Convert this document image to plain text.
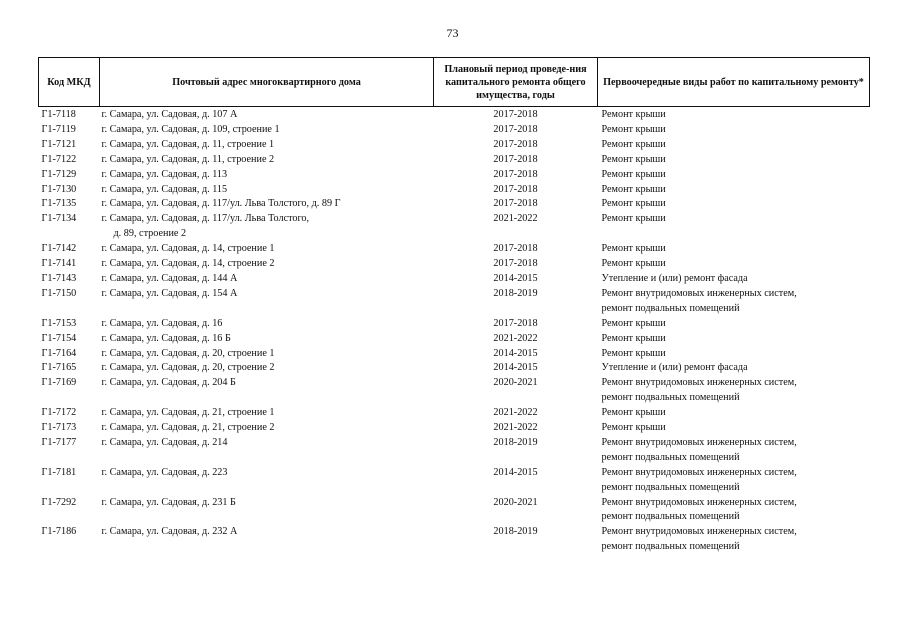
73
Код МКД	Почтовый адрес многоквартирного дома	Плановый период проведе-ния капитального ремонта общего имущества, годы	Первоочередные виды работ по капитальному ремонту*
Г1-7118	г. Самара, ул. Садовая, д. 107 А	2017-2018	Ремонт крыши

Г1-7119	г. Самара, ул. Садовая, д. 109, строение 1	2017-2018	Ремонт крыши

Г1-7121	г. Самара, ул. Садовая, д. 11, строение 1	2017-2018	Ремонт крыши

Г1-7122	г. Самара, ул. Садовая, д. 11, строение 2	2017-2018	Ремонт крыши

Г1-7129	г. Самара, ул. Садовая, д. 113	2017-2018	Ремонт крыши

Г1-7130	г. Самара, ул. Садовая, д. 115	2017-2018	Ремонт крыши

Г1-7135	г. Самара, ул. Садовая, д. 117/ул. Льва Толстого, д. 89 Г	2017-2018	Ремонт крыши

Г1-7134	г. Самара, ул. Садовая, д. 117/ул. Льва Толстого,
д. 89, строение 2	2021-2022	Ремонт крыши

Г1-7142	г. Самара, ул. Садовая, д. 14, строение 1	2017-2018	Ремонт крыши

Г1-7141	г. Самара, ул. Садовая, д. 14, строение 2	2017-2018	Ремонт крыши

Г1-7143	г. Самара, ул. Садовая, д. 144 А	2014-2015	Утепление и (или) ремонт фасада

Г1-7150	г. Самара, ул. Садовая, д. 154 А	2018-2019	Ремонт внутридомовых инженерных систем,
ремонт подвальных помещений

Г1-7153	г. Самара, ул. Садовая, д. 16	2017-2018	Ремонт крыши

Г1-7154	г. Самара, ул. Садовая, д. 16 Б	2021-2022	Ремонт крыши

Г1-7164	г. Самара, ул. Садовая, д. 20, строение 1	2014-2015	Ремонт крыши

Г1-7165	г. Самара, ул. Садовая, д. 20, строение 2	2014-2015	Утепление и (или) ремонт фасада

Г1-7169	г. Самара, ул. Садовая, д. 204 Б	2020-2021	Ремонт внутридомовых инженерных систем,
ремонт подвальных помещений

Г1-7172	г. Самара, ул. Садовая, д. 21, строение 1	2021-2022	Ремонт крыши

Г1-7173	г. Самара, ул. Садовая, д. 21, строение 2	2021-2022	Ремонт крыши

Г1-7177	г. Самара, ул. Садовая, д. 214	2018-2019	Ремонт внутридомовых инженерных систем,
ремонт подвальных помещений

Г1-7181	г. Самара, ул. Садовая, д. 223	2014-2015	Ремонт внутридомовых инженерных систем,
ремонт подвальных помещений

Г1-7292	г. Самара, ул. Садовая, д. 231 Б	2020-2021	Ремонт внутридомовых инженерных систем,
ремонт подвальных помещений

Г1-7186	г. Самара, ул. Садовая, д. 232 А	2018-2019	Ремонт внутридомовых инженерных систем,
ремонт подвальных помещений
